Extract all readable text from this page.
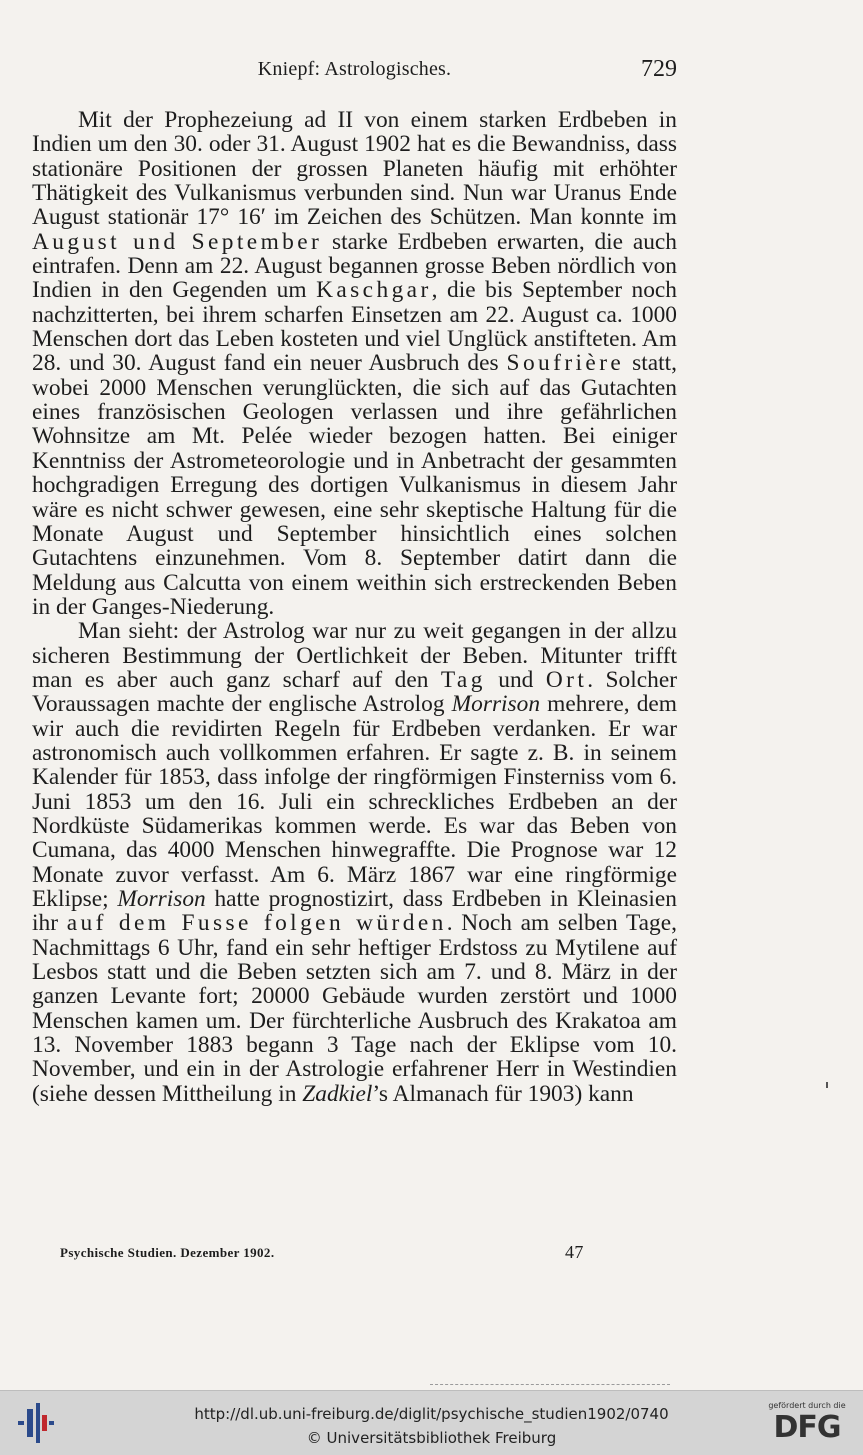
Kniepf: Astrologisches.	729

Mit der Prophezeiung ad II von einem starken Erdbeben in Indien um den 30. oder 31. August 1902 hat es die Bewandniss, dass stationäre Positionen der grossen Planeten häufig mit erhöhter Thätigkeit des Vulkanismus verbunden sind. Nun war Uranus Ende August stationär 17° 16′ im Zeichen des Schützen. Man konnte im August und September starke Erdbeben erwarten, die auch eintrafen. Denn am 22. August begannen grosse Beben nördlich von Indien in den Gegenden um Kaschgar, die bis September noch nachzitterten, bei ihrem scharfen Einsetzen am 22. August ca. 1000 Menschen dort das Leben kosteten und viel Unglück anstifteten. Am 28. und 30. August fand ein neuer Ausbruch des Soufrière statt, wobei 2000 Menschen verunglückten, die sich auf das Gutachten eines französischen Geologen verlassen und ihre gefährlichen Wohnsitze am Mt. Pelée wieder bezogen hatten. Bei einiger Kenntniss der Astrometeorologie und in Anbetracht der gesammten hochgradigen Erregung des dortigen Vulkanismus in diesem Jahr wäre es nicht schwer gewesen, eine sehr skeptische Haltung für die Monate August und September hinsichtlich eines solchen Gutachtens einzunehmen. Vom 8. September datirt dann die Meldung aus Calcutta von einem weithin sich erstreckenden Beben in der Ganges-Niederung.

Man sieht: der Astrolog war nur zu weit gegangen in der allzu sicheren Bestimmung der Oertlichkeit der Beben. Mitunter trifft man es aber auch ganz scharf auf den Tag und Ort. Solcher Voraussagen machte der englische Astrolog Morrison mehrere, dem wir auch die revidirten Regeln für Erdbeben verdanken. Er war astronomisch auch vollkommen erfahren. Er sagte z. B. in seinem Kalender für 1853, dass infolge der ringförmigen Finsterniss vom 6. Juni 1853 um den 16. Juli ein schreckliches Erdbeben an der Nordküste Südamerikas kommen werde. Es war das Beben von Cumana, das 4000 Menschen hinwegraffte. Die Prognose war 12 Monate zuvor verfasst. Am 6. März 1867 war eine ringförmige Eklipse; Morrison hatte prognostizirt, dass Erdbeben in Kleinasien ihr auf dem Fusse folgen würden. Noch am selben Tage, Nachmittags 6 Uhr, fand ein sehr heftiger Erdstoss zu Mytilene auf Lesbos statt und die Beben setzten sich am 7. und 8. März in der ganzen Levante fort; 20000 Gebäude wurden zerstört und 1000 Menschen kamen um. Der fürchterliche Ausbruch des Krakatoa am 13. November 1883 begann 3 Tage nach der Eklipse vom 10. November, und ein in der Astrologie erfahrener Herr in Westindien (siehe dessen Mittheilung in Zadkiel’s Almanach für 1903) kann

Psychische Studien. Dezember 1902.	47
http://dl.ub.uni-freiburg.de/diglit/psychische_studien1902/0740
© Universitätsbibliothek Freiburg
gefördert durch die
DFG
